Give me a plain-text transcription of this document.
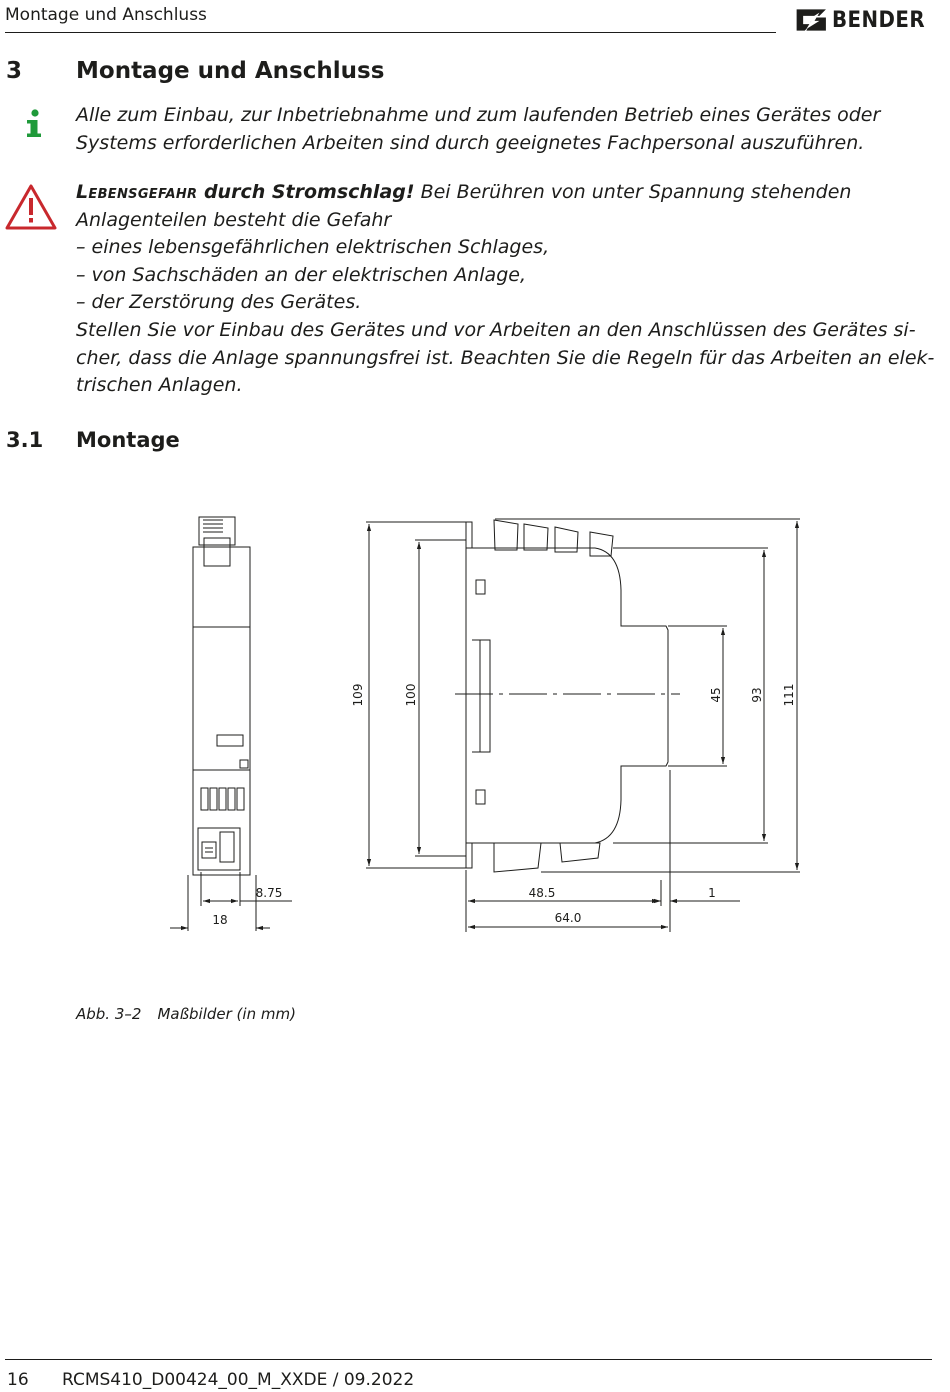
Montage und Anschluss	BENDER
3 Montage und Anschluss
Alle zum Einbau, zur Inbetriebnahme und zum laufenden Betrieb eines Gerätes oder
Systems erforderlichen Arbeiten sind durch geeignetes Fachpersonal auszuführen.
Lebensgefahr durch Stromschlag! Bei Berühren von unter Spannung stehenden
Anlagenteilen besteht die Gefahr
– eines lebensgefährlichen elektrischen Schlages,
– von Sachschäden an der elektrischen Anlage,
– der Zerstörung des Gerätes.
Stellen Sie vor Einbau des Gerätes und vor Arbeiten an den Anschlüssen des Gerätes si-
cher, dass die Anlage spannungsfrei ist. Beachten Sie die Regeln für das Arbeiten an elek-
trischen Anlagen.
3.1 Montage
8.75
18
48.5	1
64.0
109	100	45 93 111
Abb. 3–2 Maßbilder (in mm)
16 RCMS410_D00424_00_M_XXDE / 09.2022
